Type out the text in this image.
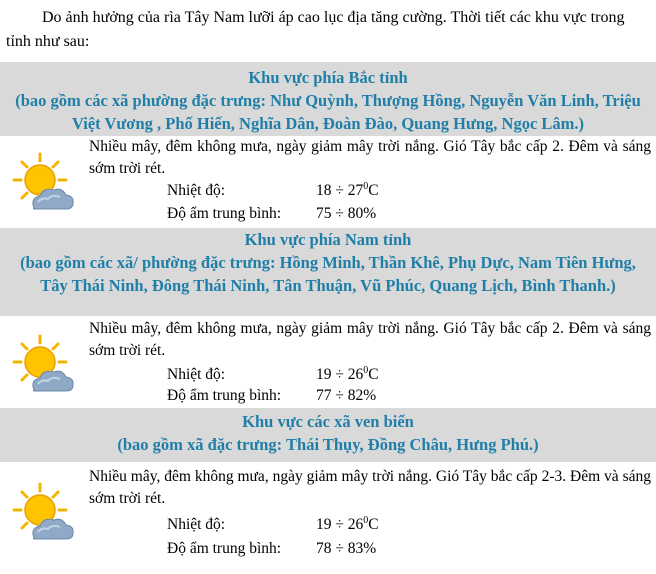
Do ảnh hưởng của rìa Tây Nam lưỡi áp cao lục địa tăng cường. Thời tiết các khu vực trong tỉnh như sau:
Khu vực phía Bắc tỉnh
(bao gồm các xã phường đặc trưng: Như Quỳnh, Thượng Hồng, Nguyễn Văn Linh, Triệu Việt Vương , Phố Hiến, Nghĩa Dân, Đoàn Đào, Quang Hưng, Ngọc Lâm.)
Nhiều mây, đêm không mưa, ngày giảm mây trời nắng. Gió Tây bắc cấp 2. Đêm và sáng sớm trời rét.
Nhiệt độ:	$18 \div 27^0C$
Độ ẩm trung bình: 75 ÷ 80%
Khu vực phía Nam tỉnh
(bao gồm các xã/ phường đặc trưng: Hồng Minh, Thần Khê, Phụ Dực, Nam Tiên Hưng, Tây Thái Ninh, Đông Thái Ninh, Tân Thuận, Vũ Phúc, Quang Lịch, Bình Thanh.)
Nhiều mây, đêm không mưa, ngày giảm mây trời nắng. Gió Tây bắc cấp 2. Đêm và sáng sớm trời rét.
Nhiệt độ:	$19 \div 26^0C$
Độ ẩm trung bình: 77 ÷ 82%
Khu vực các xã ven biển
(bao gồm xã đặc trưng: Thái Thụy, Đồng Châu, Hưng Phú.)
Nhiều mây, đêm không mưa, ngày giảm mây trời nắng. Gió Tây bắc cấp 2-3. Đêm và sáng sớm trời rét.
Nhiệt độ:	$19 \div 26^0C$
Độ ẩm trung bình: 78 ÷ 83%
